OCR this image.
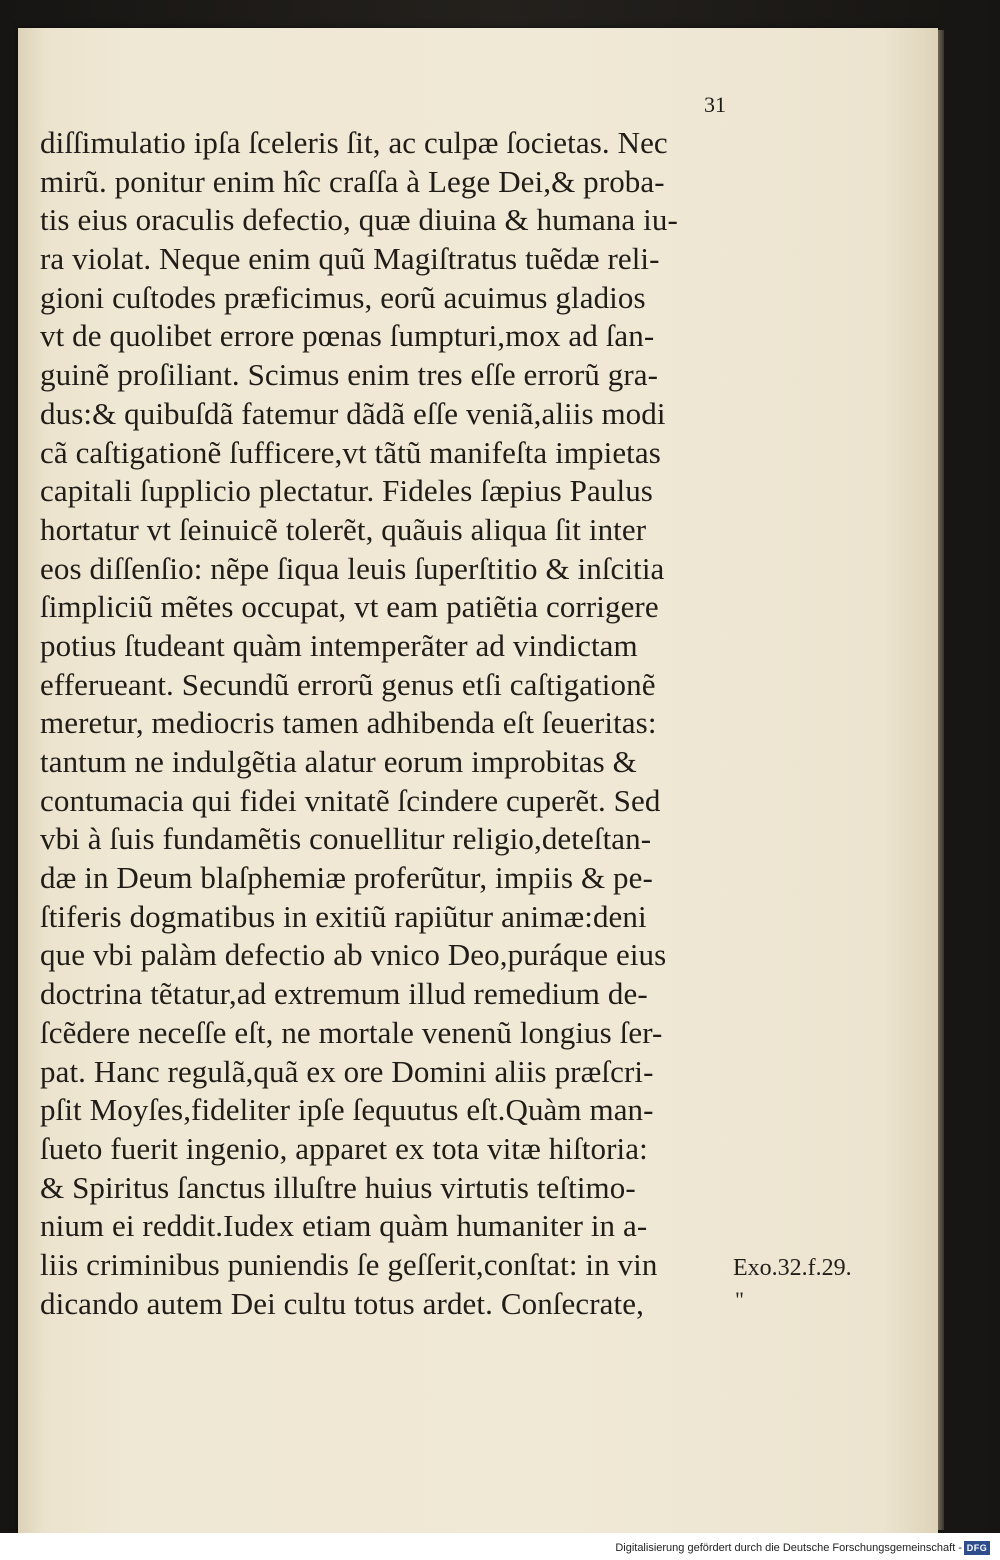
31

diſſimulatio ipſa ſceleris ſit, ac culpæ ſocietas. Nec
mirũ. ponitur enim hîc craſſa à Lege Dei,& proba-
tis eius oraculis defectio, quæ diuina & humana iu-
ra violat. Neque enim quũ Magiſtratus tuẽdæ reli-
gioni cuſtodes præficimus, eorũ acuimus gladios
vt de quolibet errore pœnas ſumpturi,mox ad ſan-
guinẽ proſiliant. Scimus enim tres eſſe errorũ gra-
dus:& quibuſdã fatemur dãdã eſſe veniã,aliis modi
cã caſtigationẽ ſufficere,vt tãtũ manifeſta impietas
capitali ſupplicio plectatur. Fideles ſæpius Paulus
hortatur vt ſeinuicẽ tolerẽt, quãuis aliqua ſit inter
eos diſſenſio: nẽpe ſiqua leuis ſuperſtitio & inſcitia
ſimpliciũ mẽtes occupat, vt eam patiẽtia corrigere
potius ſtudeant quàm intemperãter ad vindictam
efferueant. Secundũ errorũ genus etſi caſtigationẽ
meretur, mediocris tamen adhibenda eſt ſeueritas:
tantum ne indulgẽtia alatur eorum improbitas &
contumacia qui fidei vnitatẽ ſcindere cuperẽt. Sed
vbi à ſuis fundamẽtis conuellitur religio,deteſtan-
dæ in Deum blaſphemiæ proferũtur, impiis & pe-
ſtiferis dogmatibus in exitiũ rapiũtur animæ:deni
que vbi palàm defectio ab vnico Deo,puráque eius
doctrina tẽtatur,ad extremum illud remedium de-
ſcẽdere neceſſe eſt, ne mortale venenũ longius ſer-
pat. Hanc regulã,quã ex ore Domini aliis præſcri-
pſit Moyſes,fideliter ipſe ſequutus eſt.Quàm man-
ſueto fuerit ingenio, apparet ex tota vitæ hiſtoria:
& Spiritus ſanctus illuſtre huius virtutis teſtimo-
nium ei reddit.Iudex etiam quàm humaniter in a-
liis criminibus puniendis ſe geſſerit,conſtat: in vin
dicando autem Dei cultu totus ardet. Conſecrate,

Exo.32.f.29.

"

Digitalisierung gefördert durch die Deutsche Forschungsgemeinschaft - DFG
